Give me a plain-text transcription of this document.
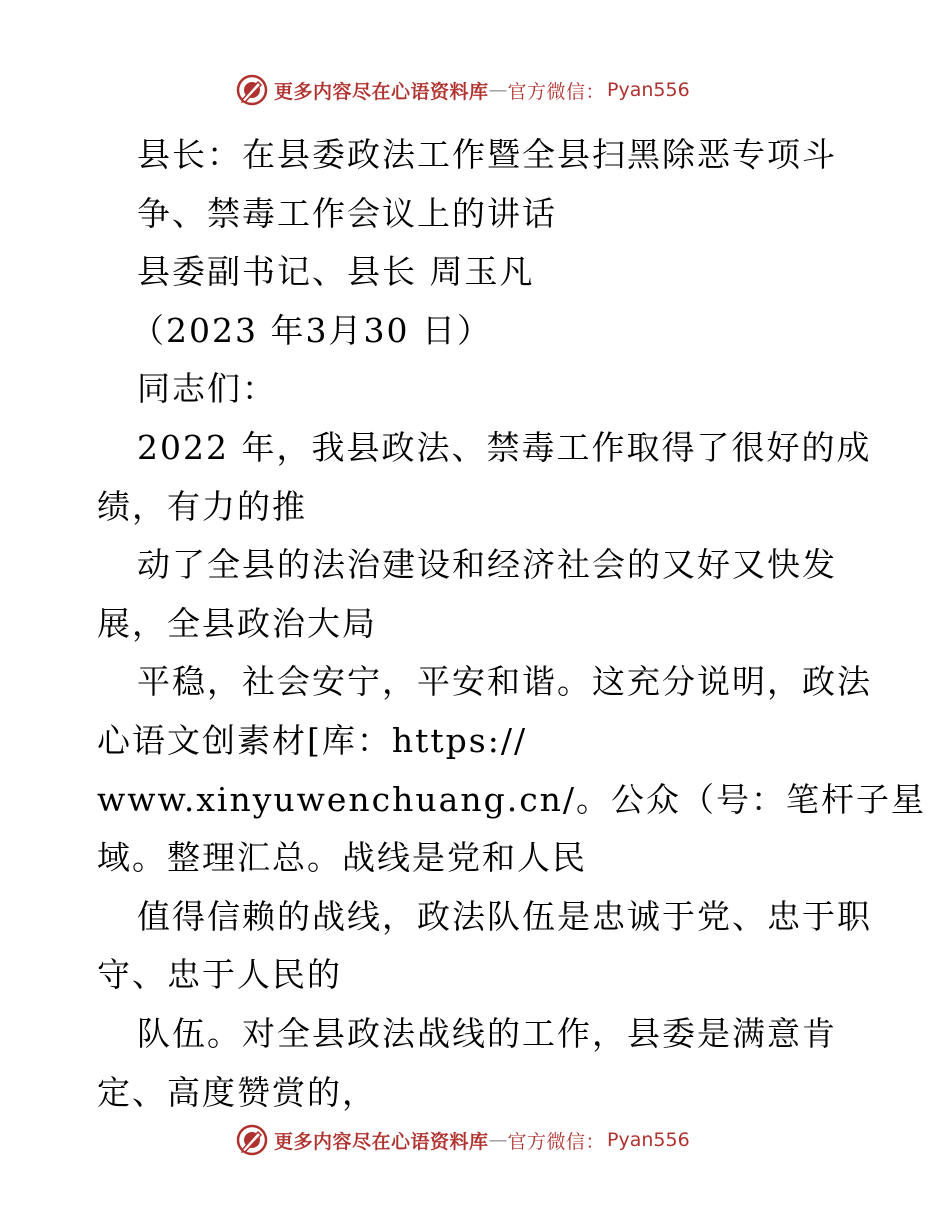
更多内容尽在心语资料库 — 官方微信： Pyan556
县长：在县委政法工作暨全县扫黑除恶专项斗
争、禁毒工作会议上的讲话
县委副书记、县长 周玉凡
（2023 年3月30 日）
同志们：
2022 年，我县政法、禁毒工作取得了很好的成
绩，有力的推
动了全县的法治建设和经济社会的又好又快发
展，全县政治大局
平稳，社会安宁，平安和谐。这充分说明，政法
心语文创素材[库：https://
www.xinyuwenchuang.cn/。公众（号：笔杆子星
域。整理汇总。战线是党和人民
值得信赖的战线，政法队伍是忠诚于党、忠于职
守、忠于人民的
队伍。对全县政法战线的工作，县委是满意肯
定、高度赞赏的，
更多内容尽在心语资料库 — 官方微信： Pyan556
